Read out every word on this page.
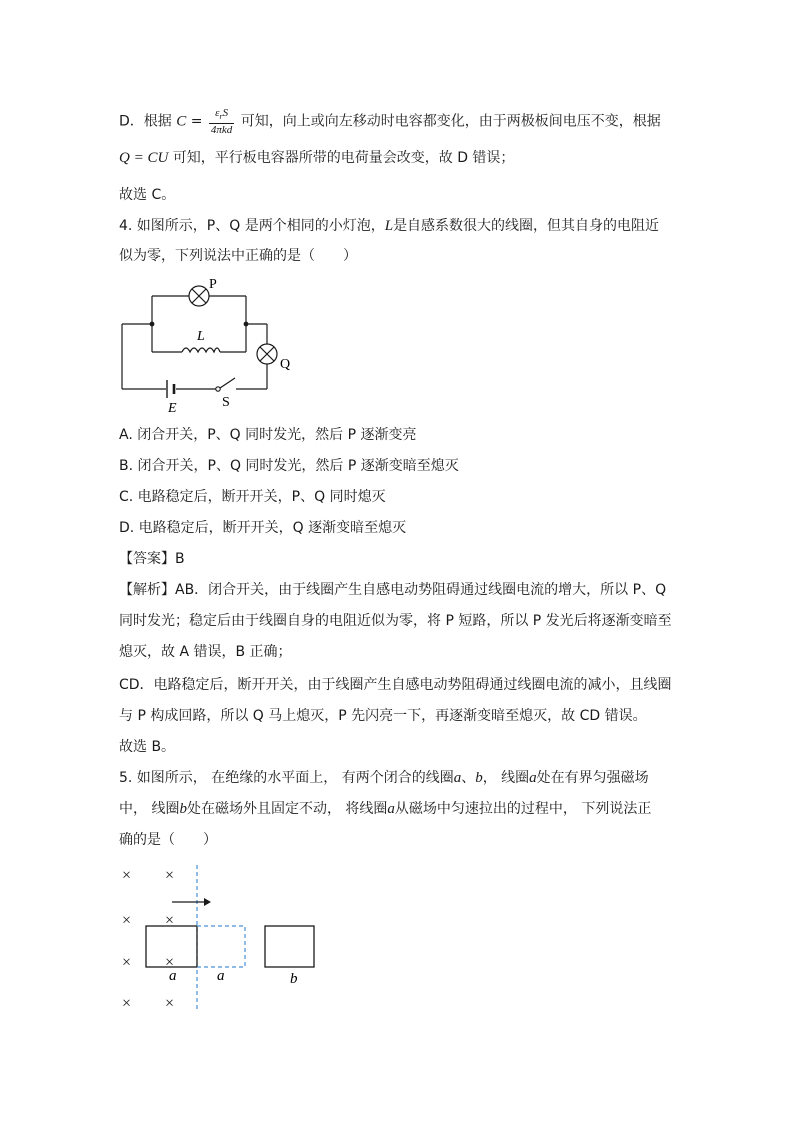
D．根据 $C = \frac{\varepsilon_rS}{\text{4πkd}}$ 可知，向上或向左移动时电容都变化，由于两极板间电压不变，根据
Q = CU 可知，平行板电容器所带的电荷量会改变，故 D 错误；
故选 C。
4. 如图所示，P、Q 是两个相同的小灯泡，L是自感系数很大的线圈，但其自身的电阻近
似为零，下列说法中正确的是（　　）
P
Q
L
E	S
A. 闭合开关，P、Q 同时发光，然后 P 逐渐变亮
B. 闭合开关，P、Q 同时发光，然后 P 逐渐变暗至熄灭
C. 电路稳定后，断开开关，P、Q 同时熄灭
D. 电路稳定后，断开开关，Q 逐渐变暗至熄灭
【答案】B
【解析】AB．闭合开关，由于线圈产生自感电动势阻碍通过线圈电流的增大，所以 P、Q
同时发光；稳定后由于线圈自身的电阻近似为零，将 P 短路，所以 P 发光后将逐渐变暗至
熄灭，故 A 错误，B 正确；
CD．电路稳定后，断开开关，由于线圈产生自感电动势阻碍通过线圈电流的减小，且线圈
与 P 构成回路，所以 Q 马上熄灭，P 先闪亮一下，再逐渐变暗至熄灭，故 CD 错误。
故选 B。
5. 如图所示， 在绝缘的水平面上， 有两个闭合的线圈a、b， 线圈a处在有界匀强磁场
中， 线圈b处在磁场外且固定不动， 将线圈a从磁场中匀速拉出的过程中， 下列说法正
确的是（　　）
× ×
× ×
× ×
× ×
a	a	b
